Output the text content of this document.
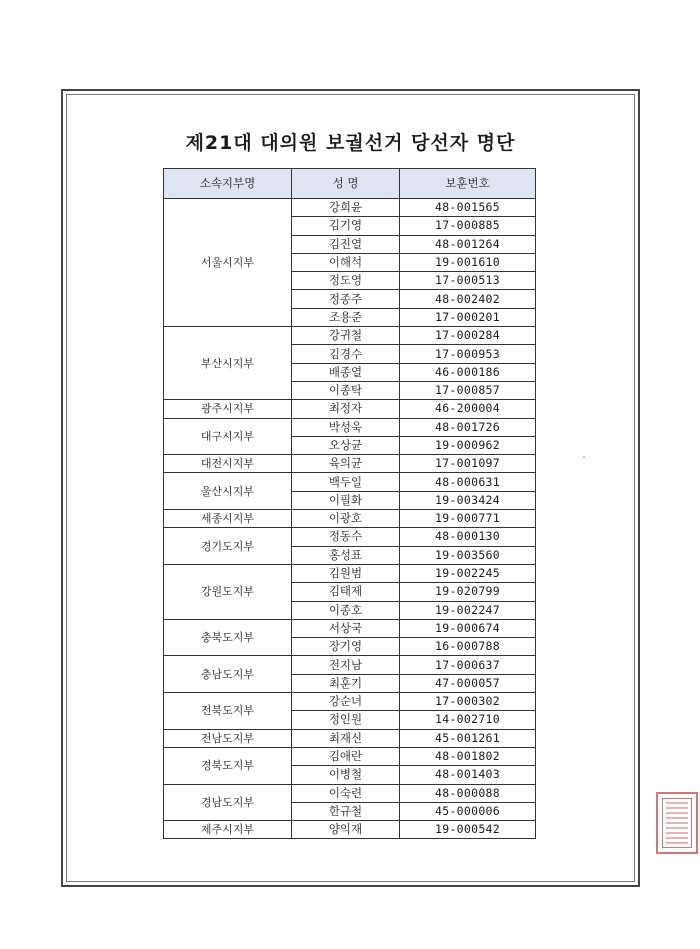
제21대 대의원 보궐선거 당선자 명단
소속지부명	성 명	보훈번호
서울시지부	강희윤	48-001565
	김기영	17-000885
	김진열	48-001264
	이해석	19-001610
	정도영	17-000513
	정종주	48-002402
	조용준	17-000201
부산시지부	강귀철	17-000284
	김경수	17-000953
	배종열	46-000186
	이종탁	17-000857
광주시지부	최정자	46-200004
대구시지부	박성욱	48-001726
	오상균	19-000962
대전시지부	육의균	17-001097
울산시지부	백두일	48-000631
	이필화	19-003424
세종시지부	이광호	19-000771
경기도지부	정동수	48-000130
	홍성표	19-003560
강원도지부	김원범	19-002245
	김태제	19-020799
	이종호	19-002247
충북도지부	서상국	19-000674
	장기영	16-000788
충남도지부	전지남	17-000637
	최훈기	47-000057
전북도지부	강순녀	17-000302
	정인원	14-002710
전남도지부	최재신	45-001261
경북도지부	김애란	48-001802
	이병철	48-001403
경남도지부	이숙련	48-000088
	한규철	45-000006
제주시지부	양익재	19-000542
